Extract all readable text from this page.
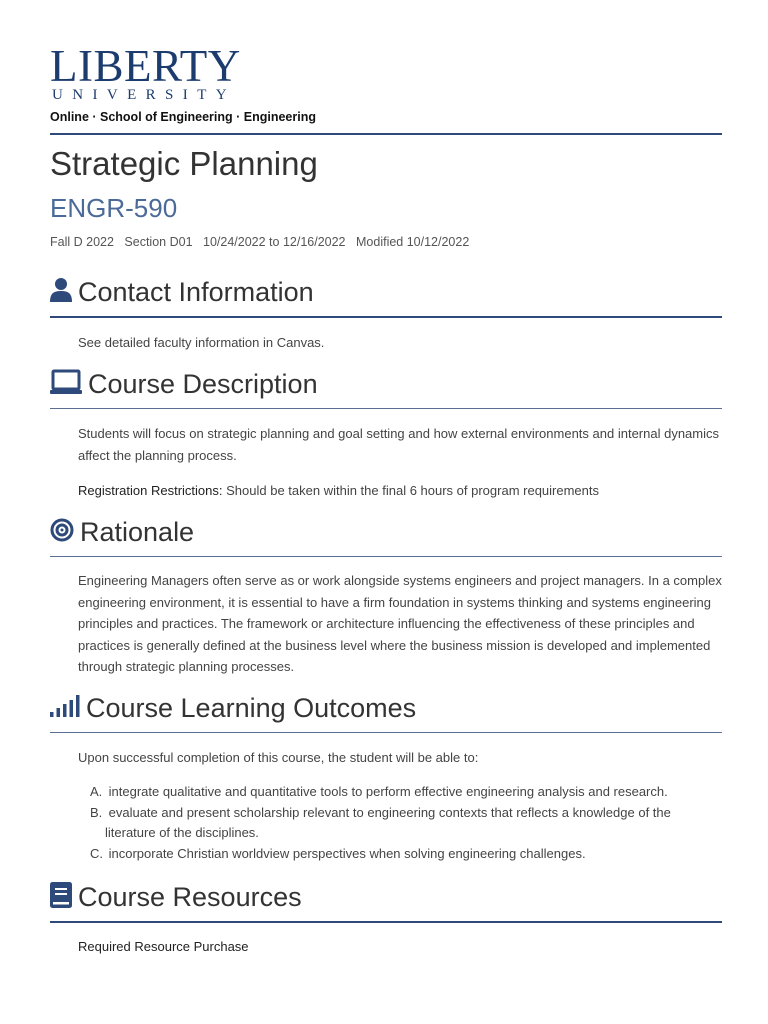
LIBERTY
UNIVERSITY
Online · School of Engineering · Engineering
Strategic Planning
ENGR-590
Fall D 2022 Section D01 10/24/2022 to 12/16/2022 Modified 10/12/2022
Contact Information

See detailed faculty information in Canvas.

Course Description

Students will focus on strategic planning and goal setting and how external environments and internal dynamics affect the planning process.

Registration Restrictions: Should be taken within the final 6 hours of program requirements

Rationale

Engineering Managers often serve as or work alongside systems engineers and project managers. In a complex engineering environment, it is essential to have a firm foundation in systems thinking and systems engineering principles and practices. The framework or architecture influencing the effectiveness of these principles and practices is generally defined at the business level where the business mission is developed and implemented through strategic planning processes.

Course Learning Outcomes

Upon successful completion of this course, the student will be able to:

A. integrate qualitative and quantitative tools to perform effective engineering analysis and research.
B. evaluate and present scholarship relevant to engineering contexts that reflects a knowledge of the literature of the disciplines.
C. incorporate Christian worldview perspectives when solving engineering challenges.
Course Resources
Required Resource Purchase
